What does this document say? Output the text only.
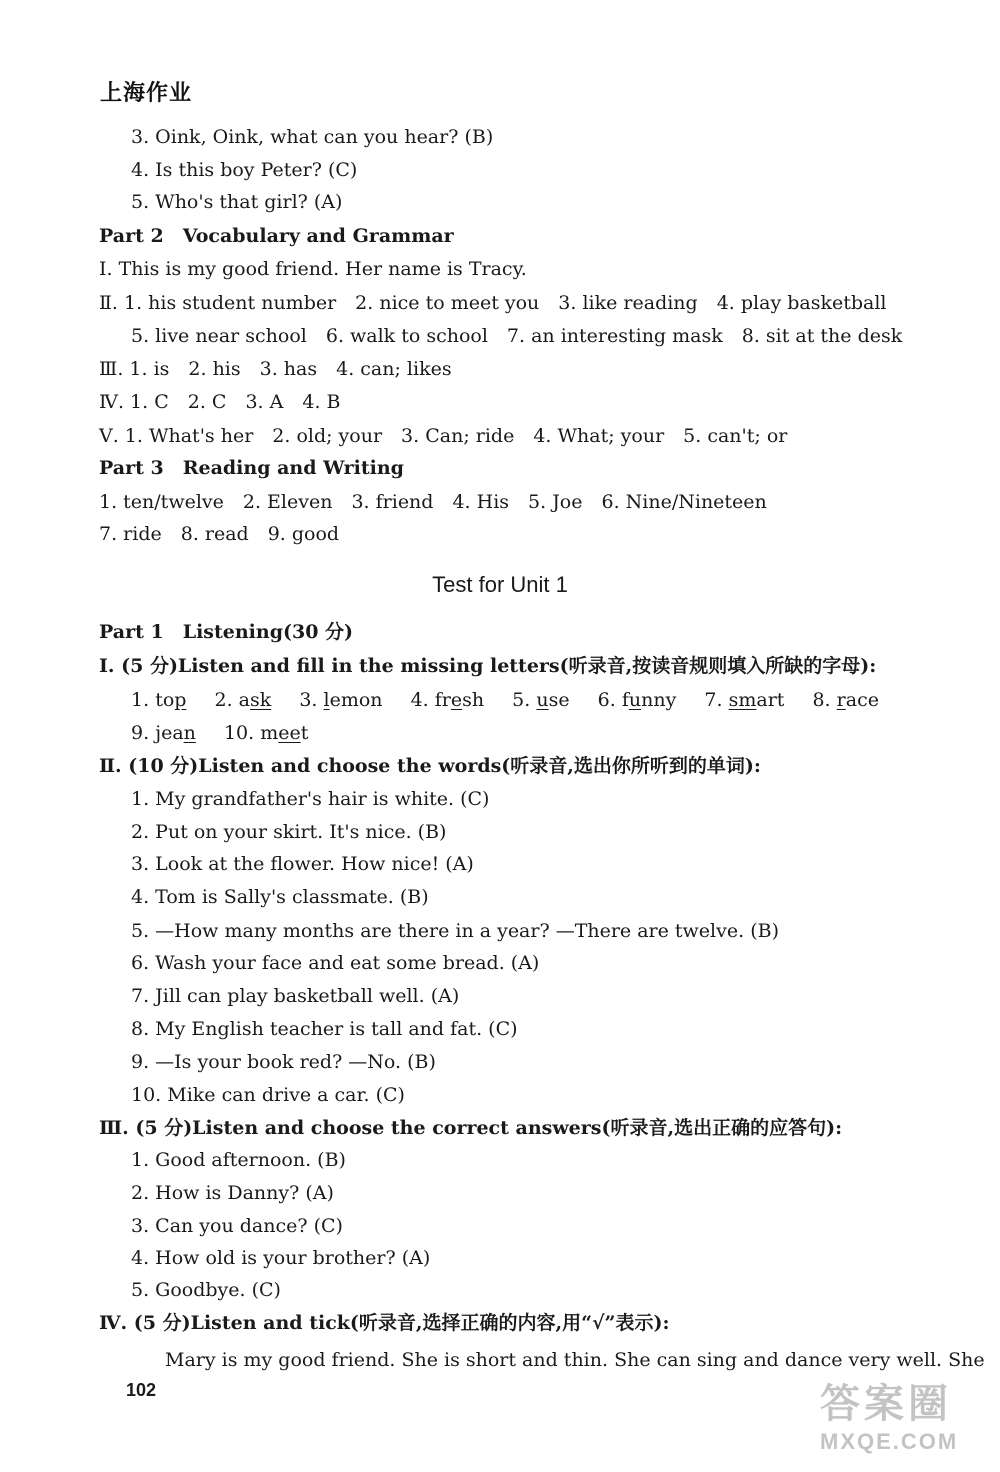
上海作业
3. Oink, Oink, what can you hear? (B)
4. Is this boy Peter? (C)
5. Who's that girl? (A)
Part 2　Vocabulary and Grammar
Ⅰ. This is my good friend. Her name is Tracy.
Ⅱ. 1. his student number　2. nice to meet you　3. like reading　4. play basketball
5. live near school　6. walk to school　7. an interesting mask　8. sit at the desk
Ⅲ. 1. is　2. his　3. has　4. can; likes
Ⅳ. 1. C　2. C　3. A　4. B
Ⅴ. 1. What's her　2. old; your　3. Can; ride　4. What; your　5. can't; or
Part 3　Reading and Writing
1. ten/twelve　2. Eleven　3. friend　4. His　5. Joe　6. Nine/Nineteen
7. ride　8. read　9. good
Test for Unit 1
Part 1　Listening(30 分)
Ⅰ. (5 分)Listen and fill in the missing letters(听录音,按读音规则填入所缺的字母):
1. top 2. ask 3. lemon 4. fresh 5. use 6. funny 7. smart 8. race
9. jean 10. meet
Ⅱ. (10 分)Listen and choose the words(听录音,选出你所听到的单词):
1. My grandfather's hair is white. (C)
2. Put on your skirt. It's nice. (B)
3. Look at the flower. How nice! (A)
4. Tom is Sally's classmate. (B)
5. —How many months are there in a year? —There are twelve. (B)
6. Wash your face and eat some bread. (A)
7. Jill can play basketball well. (A)
8. My English teacher is tall and fat. (C)
9. —Is your book red? —No. (B)
10. Mike can drive a car. (C)
Ⅲ. (5 分)Listen and choose the correct answers(听录音,选出正确的应答句):
1. Good afternoon. (B)
2. How is Danny? (A)
3. Can you dance? (C)
4. How old is your brother? (A)
5. Goodbye. (C)
Ⅳ. (5 分)Listen and tick(听录音,选择正确的内容,用“√”表示):
Mary is my good friend. She is short and thin. She can sing and dance very well. She
102	答案圈
MXQE.COM
